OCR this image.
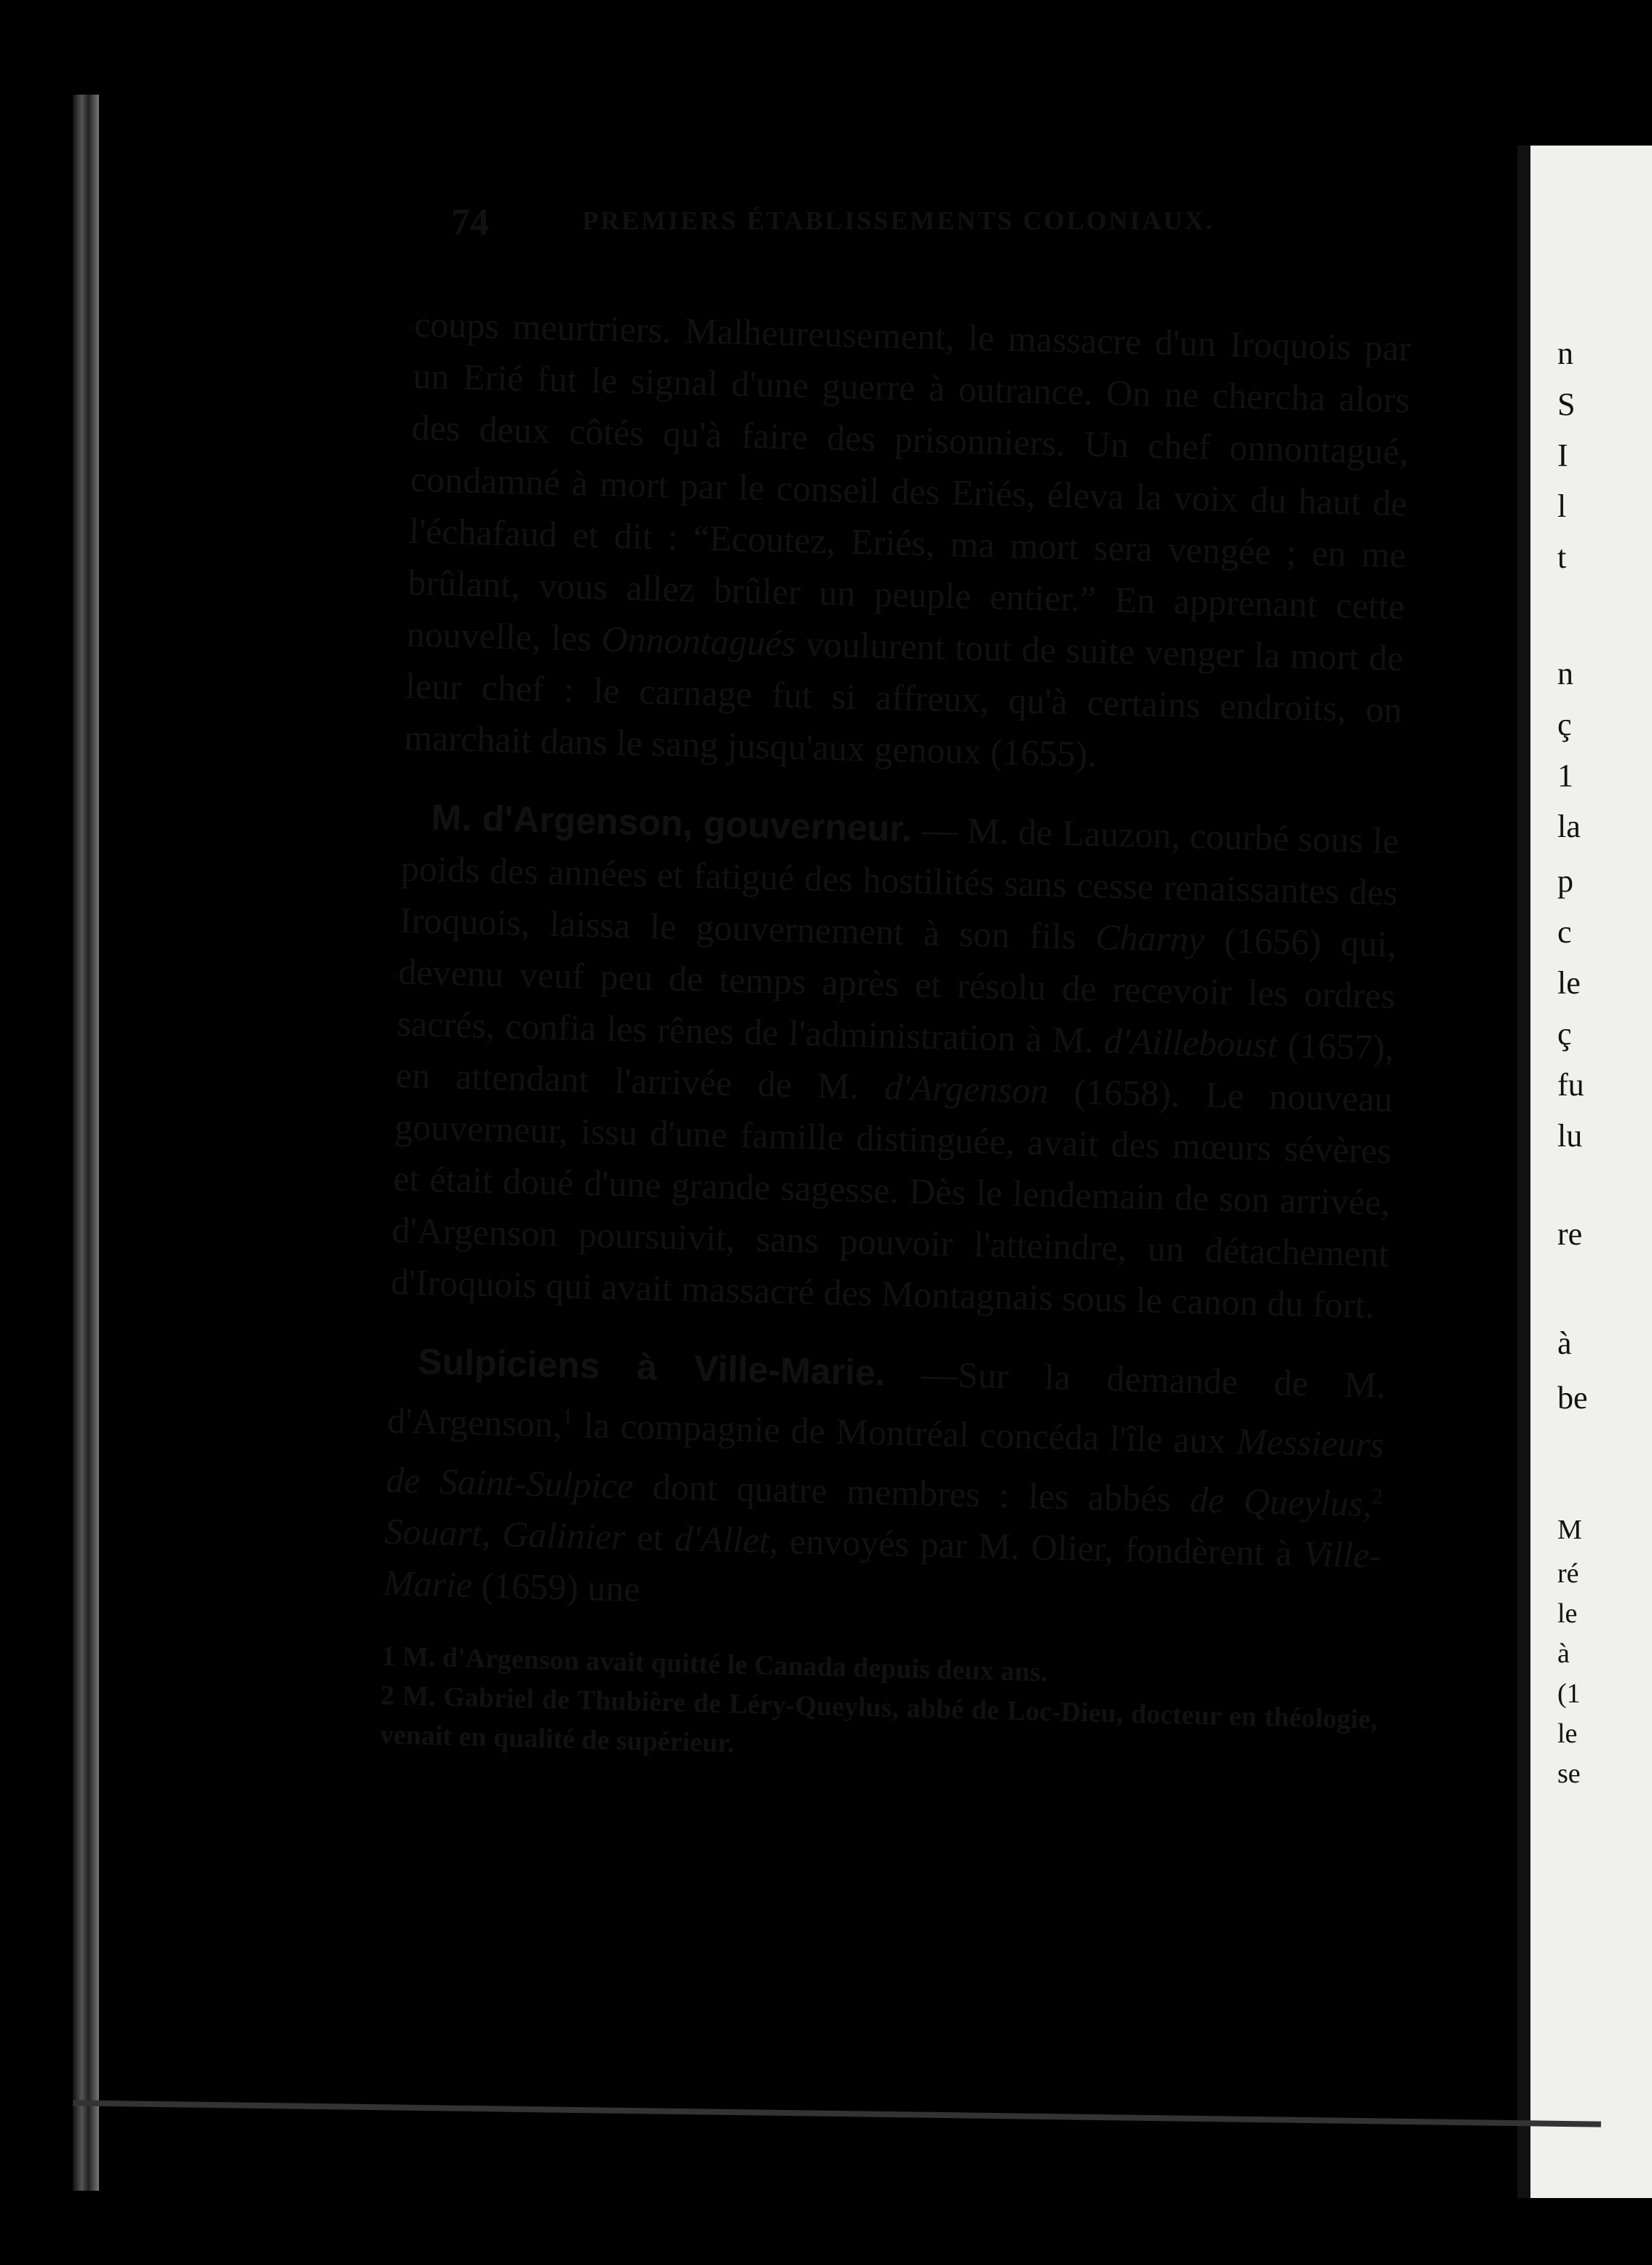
74	PREMIERS ÉTABLISSEMENTS COLONIAUX.

coups meurtriers. Malheureusement, le massacre d'un Iroquois par un Erié fut le signal d'une guerre à outrance. On ne chercha alors des deux côtés qu'à faire des prisonniers. Un chef onnontagué, condamné à mort par le conseil des Eriés, éleva la voix du haut de l'échafaud et dit : “Ecoutez, Eriés, ma mort sera vengée ; en me brûlant, vous allez brûler un peuple entier.” En apprenant cette nouvelle, les Onnontagués voulurent tout de suite venger la mort de leur chef : le carnage fut si affreux, qu'à certains endroits, on marchait dans le sang jusqu'aux genoux (1655).

M. d'Argenson, gouverneur. — M. de Lauzon, courbé sous le poids des années et fatigué des hostilités sans cesse renaissantes des Iroquois, laissa le gouvernement à son fils Charny (1656) qui, devenu veuf peu de temps après et résolu de recevoir les ordres sacrés, confia les rênes de l'administration à M. d'Ailleboust (1657), en attendant l'arrivée de M. d'Argenson (1658). Le nouveau gouverneur, issu d'une famille distinguée, avait des mœurs sévères et était doué d'une grande sagesse. Dès le lendemain de son arrivée, d'Argenson poursuivit, sans pouvoir l'atteindre, un détachement d'Iroquois qui avait massacré des Montagnais sous le canon du fort.

Sulpiciens à Ville-Marie. —Sur la demande de M. d'Argenson,$^1$ la compagnie de Montréal concéda l'île aux Messieurs de Saint-Sulpice dont quatre membres : les abbés de Queylus,$^2$ Souart, Galinier et d'Allet, envoyés par M. Olier, fondèrent à Ville-Marie (1659) une

1 M. d'Argenson avait quitté le Canada depuis deux ans.
2 M. Gabriel de Thubière de Léry-Queylus, abbé de Loc-Dieu, docteur en théologie, venait en qualité de supérieur.
n
S
I
l
t
n
ç
1
la
p
c
le
ç
fu
lu
re
à
be
M
ré
le
à
(1
le
se
